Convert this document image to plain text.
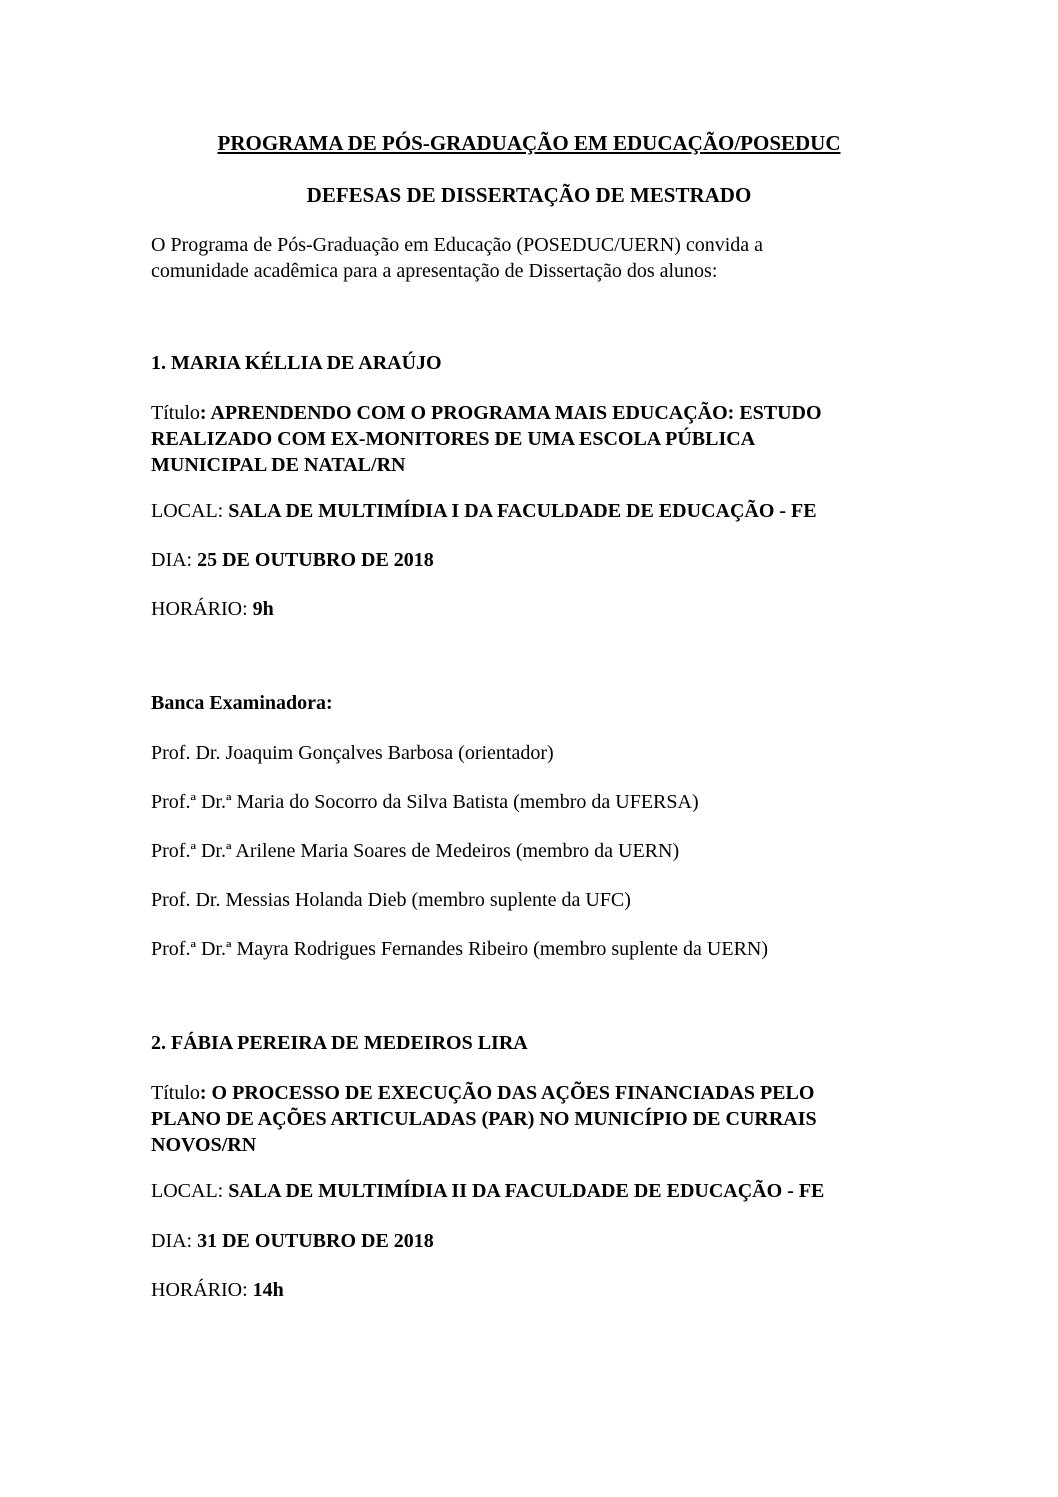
PROGRAMA DE PÓS-GRADUAÇÃO EM EDUCAÇÃO/POSEDUC
DEFESAS DE DISSERTAÇÃO DE MESTRADO

O Programa de Pós-Graduação em Educação (POSEDUC/UERN) convida a

comunidade acadêmica para a apresentação de Dissertação dos alunos:

1. MARIA KÉLLIA DE ARAÚJO

Título: APRENDENDO COM O PROGRAMA MAIS EDUCAÇÃO: ESTUDO

REALIZADO COM EX-MONITORES DE UMA ESCOLA PÚBLICA

MUNICIPAL DE NATAL/RN

LOCAL: SALA DE MULTIMÍDIA I DA FACULDADE DE EDUCAÇÃO - FE

DIA: 25 DE OUTUBRO DE 2018

HORÁRIO: 9h

Banca Examinadora:

Prof. Dr. Joaquim Gonçalves Barbosa (orientador)

Prof.ª Dr.ª Maria do Socorro da Silva Batista (membro da UFERSA)

Prof.ª Dr.ª Arilene Maria Soares de Medeiros (membro da UERN)

Prof. Dr. Messias Holanda Dieb (membro suplente da UFC)

Prof.ª Dr.ª Mayra Rodrigues Fernandes Ribeiro (membro suplente da UERN)

2. FÁBIA PEREIRA DE MEDEIROS LIRA

Título: O PROCESSO DE EXECUÇÃO DAS AÇÕES FINANCIADAS PELO

PLANO DE AÇÕES ARTICULADAS (PAR) NO MUNICÍPIO DE CURRAIS

NOVOS/RN

LOCAL: SALA DE MULTIMÍDIA II DA FACULDADE DE EDUCAÇÃO - FE

DIA: 31 DE OUTUBRO DE 2018

HORÁRIO: 14h
